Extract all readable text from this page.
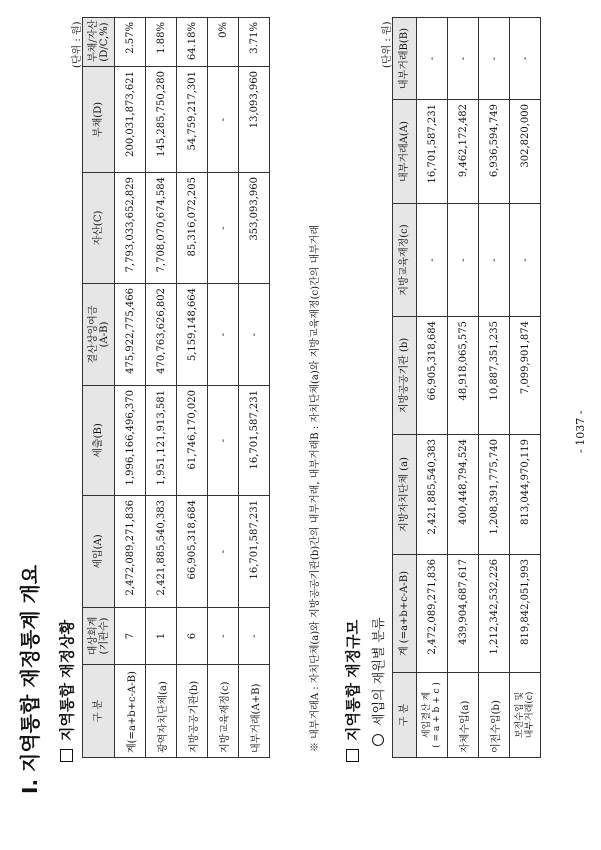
Ⅰ. 지역통합 재정통계 개요 지역통합 재정상황
(단위 : 원)
구 분	대상회계
(기관수)	세입(A)	세출(B)	결산상잉여금
(A-B)	자산(C)	부채(D)	부채/자산
(D/C,%)
계(=a+b+c-A-B)	7	2,472,089,271,836	1,996,166,496,370	475,922,775,466	7,793,033,652,829	200,031,873,621	2.57%
광역자치단체(a)	1	2,421,885,540,383	1,951,121,913,581	470,763,626,802	7,708,070,674,584	145,285,750,280	1.88%
지방공공기관(b)	6	66,905,318,684	61,746,170,020	5,159,148,664	85,316,072,205	54,759,217,301	64.18%
지방교육재정(c)	-	-	-	-	-	-	0%
내부거래(A+B)	-	16,701,587,231	16,701,587,231	-	353,093,960	13,093,960	3.71%
※ 내부거래A : 자치단체(a)와 지방공공기관(b)간의 내부거래, 내부거래B : 자치단체(a)와 지방교육재정(c)간의 내부거래 지역통합 재정규모 세입의 재원별 분류
(단위 : 원)
구 분	계 (=a+b+c-A-B)	지방자치단체 (a)	지방공공기관 (b)	지방교육재정(c)	내부거래A(A)	내부거래B(B)
세입결산 계
( = a + b + c )	2,472,089,271,836	2,421,885,540,383	66,905,318,684	-	16,701,587,231	-
자체수입(a)	439,904,687,617	400,448,794,524	48,918,065,575	-	9,462,172,482	-
이전수입(b)	1,212,342,532,226	1,208,391,775,740	10,887,351,235	-	6,936,594,749	-
보전수입 및
내부거래(c)	819,842,051,993	813,044,970,119	7,099,901,874	-	302,820,000	-
- 1037 -
